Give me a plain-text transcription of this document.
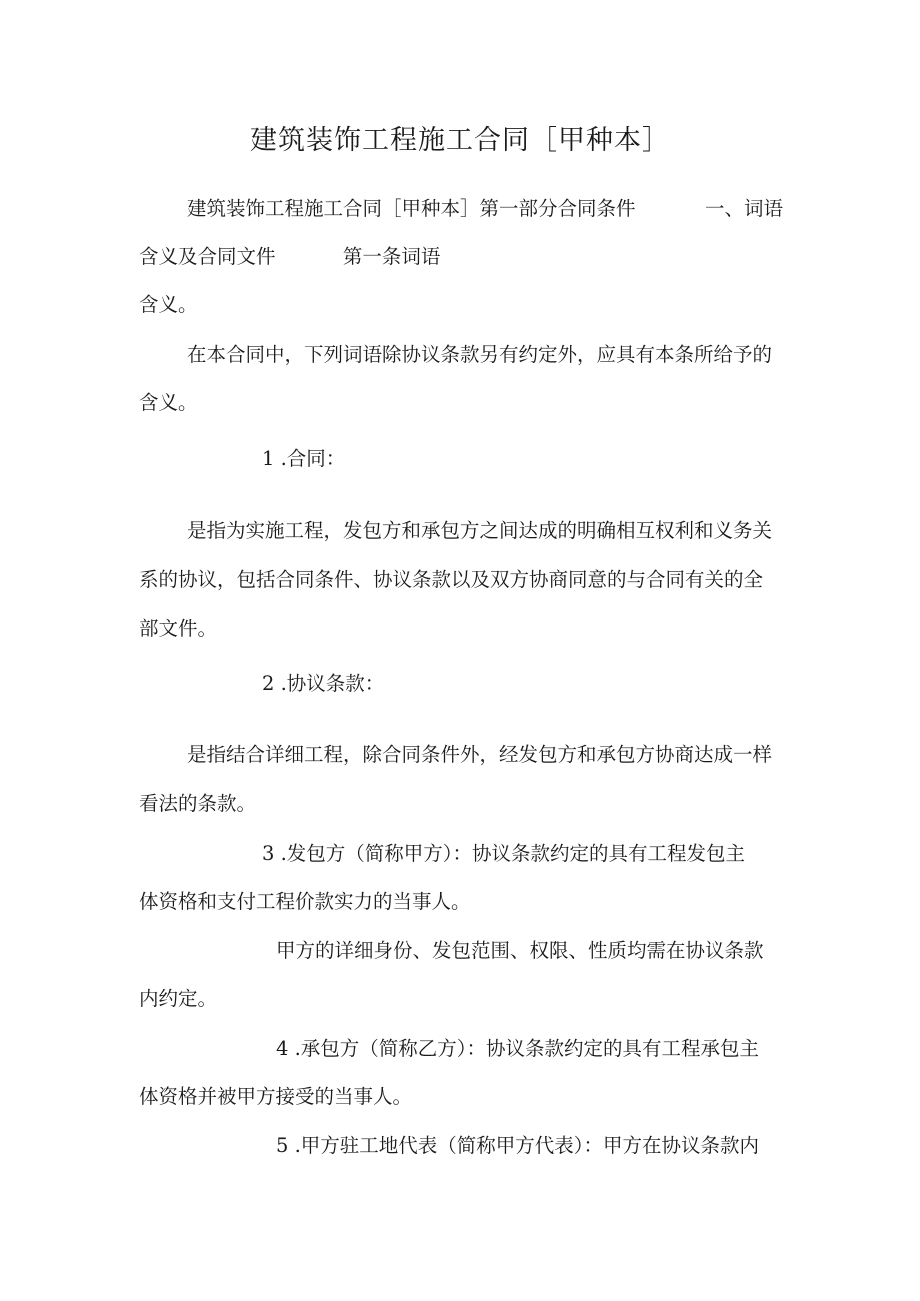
建筑装饰工程施工合同［甲种本］
建筑装饰工程施工合同［甲种本］第一部分合同条件	一、词语
含义及合同文件	第一条词语
含义。
在本合同中，下列词语除协议条款另有约定外，应具有本条所给予的
含义。
1 .合同：
是指为实施工程，发包方和承包方之间达成的明确相互权利和义务关
系的协议，包括合同条件、协议条款以及双方协商同意的与合同有关的全
部文件。
2 .协议条款：
是指结合详细工程，除合同条件外，经发包方和承包方协商达成一样
看法的条款。
3 .发包方（简称甲方）：协议条款约定的具有工程发包主
体资格和支付工程价款实力的当事人。
甲方的详细身份、发包范围、权限、性质均需在协议条款
内约定。
4 .承包方（简称乙方）：协议条款约定的具有工程承包主
体资格并被甲方接受的当事人。
5 .甲方驻工地代表（简称甲方代表）：甲方在协议条款内
